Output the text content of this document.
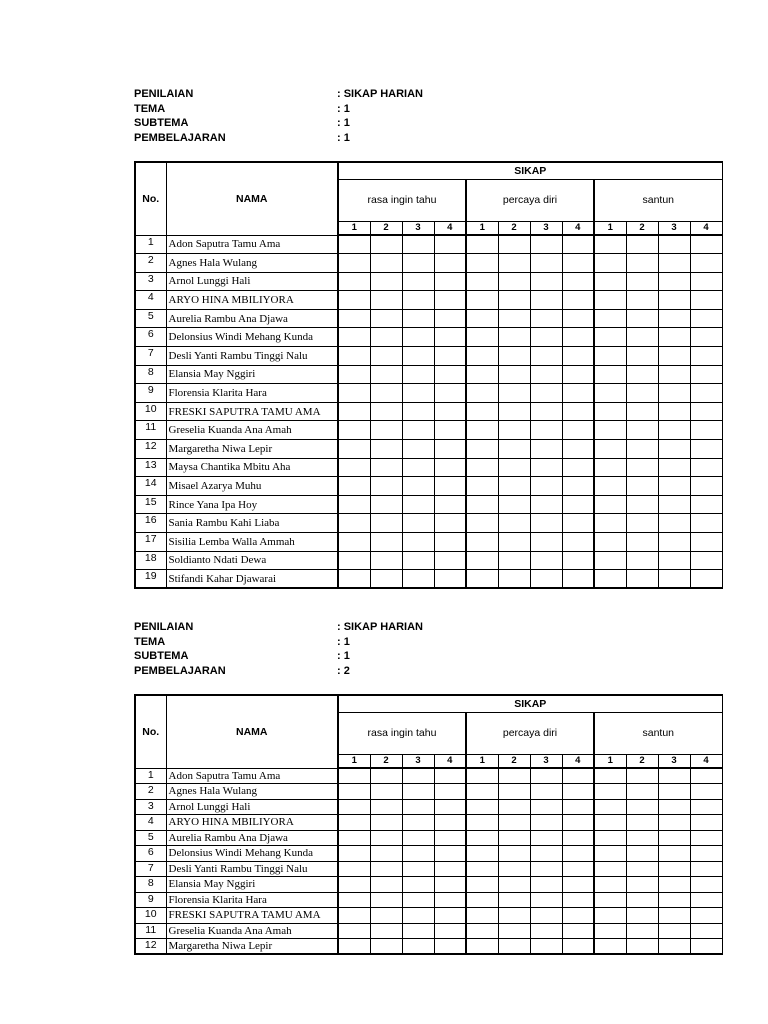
PENILAIAN	: SIKAP HARIAN
TEMA	: 1
SUBTEMA	: 1
PEMBELAJARAN	: 1
No.	NAMA	SIKAP											
		rasa ingin tahu				percaya diri				santun			
		1	2	3	4	1	2	3	4	1	2	3	4
1	Adon Saputra Tamu Ama												
2	Agnes Hala Wulang												
3	Arnol Lunggi Hali												
4	ARYO HINA MBILIYORA												
5	Aurelia Rambu Ana Djawa												
6	Delonsius Windi Mehang Kunda												
7	Desli Yanti Rambu Tinggi Nalu												
8	Elansia May Nggiri												
9	Florensia Klarita Hara												
10	FRESKI SAPUTRA TAMU AMA												
11	Greselia Kuanda Ana Amah												
12	Margaretha Niwa Lepir												
13	Maysa Chantika Mbitu Aha												
14	Misael Azarya Muhu												
15	Rince Yana Ipa Hoy												
16	Sania Rambu Kahi Liaba												
17	Sisilia Lemba Walla Ammah												
18	Soldianto Ndati Dewa												
19	Stifandi Kahar Djawarai												
PENILAIAN	: SIKAP HARIAN
TEMA	: 1
SUBTEMA	: 1
PEMBELAJARAN	: 2
No.	NAMA	SIKAP											
		rasa ingin tahu				percaya diri				santun			
		1	2	3	4	1	2	3	4	1	2	3	4
1	Adon Saputra Tamu Ama												
2	Agnes Hala Wulang												
3	Arnol Lunggi Hali												
4	ARYO HINA MBILIYORA												
5	Aurelia Rambu Ana Djawa												
6	Delonsius Windi Mehang Kunda												
7	Desli Yanti Rambu Tinggi Nalu												
8	Elansia May Nggiri												
9	Florensia Klarita Hara												
10	FRESKI SAPUTRA TAMU AMA												
11	Greselia Kuanda Ana Amah												
12	Margaretha Niwa Lepir												
